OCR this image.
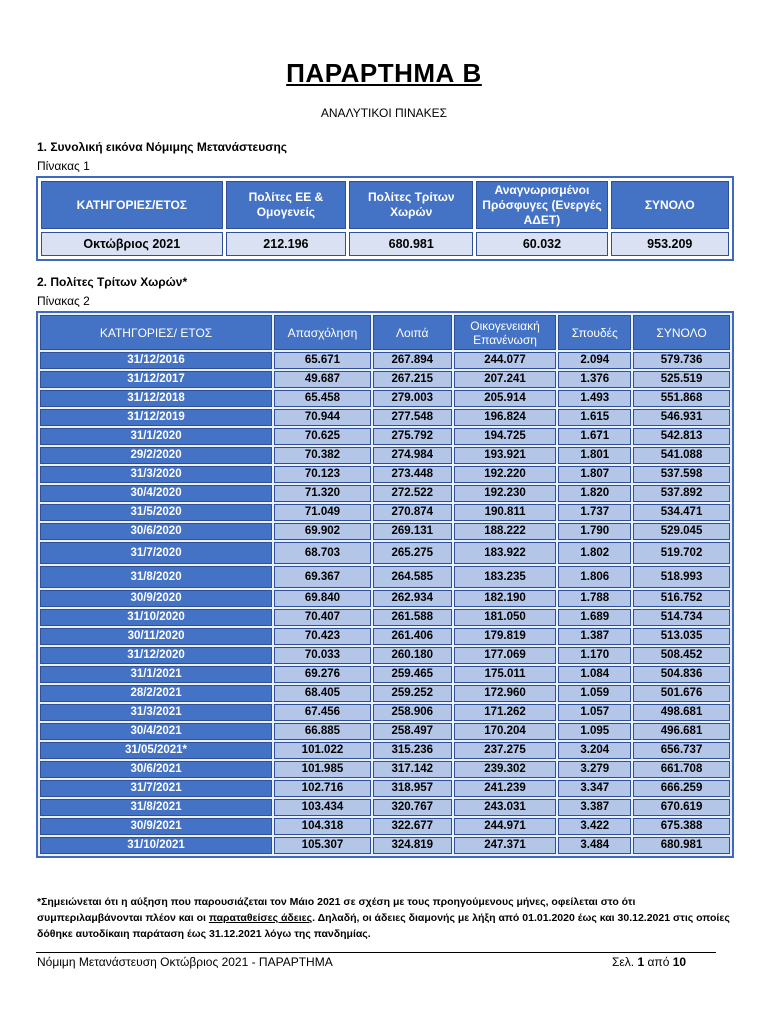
ΠΑΡΑΡΤΗΜΑ Β
ΑΝΑΛΥΤΙΚΟΙ ΠΙΝΑΚΕΣ
1. Συνολική εικόνα Νόμιμης Μετανάστευσης
Πίνακας 1
ΚΑΤΗΓΟΡΙΕΣ/ΕΤΟΣ	Πολίτες ΕΕ & Ομογενείς	Πολίτες Τρίτων Χωρών	Αναγνωρισμένοι Πρόσφυγες (Ενεργές ΑΔΕΤ)	ΣΥΝΟΛΟ
Οκτώβριος 2021	212.196	680.981	60.032	953.209
2. Πολίτες Τρίτων Χωρών*
Πίνακας 2
ΚΑΤΗΓΟΡΙΕΣ/ ΕΤΟΣ	Απασχόληση	Λοιπά	Οικογενειακή Επανένωση	Σπουδές	ΣΥΝΟΛΟ
31/12/2016	65.671	267.894	244.077	2.094	579.736
31/12/2017	49.687	267.215	207.241	1.376	525.519
31/12/2018	65.458	279.003	205.914	1.493	551.868
31/12/2019	70.944	277.548	196.824	1.615	546.931
31/1/2020	70.625	275.792	194.725	1.671	542.813
29/2/2020	70.382	274.984	193.921	1.801	541.088
31/3/2020	70.123	273.448	192.220	1.807	537.598
30/4/2020	71.320	272.522	192.230	1.820	537.892
31/5/2020	71.049	270.874	190.811	1.737	534.471
30/6/2020	69.902	269.131	188.222	1.790	529.045
31/7/2020	68.703	265.275	183.922	1.802	519.702
31/8/2020	69.367	264.585	183.235	1.806	518.993
30/9/2020	69.840	262.934	182.190	1.788	516.752
31/10/2020	70.407	261.588	181.050	1.689	514.734
30/11/2020	70.423	261.406	179.819	1.387	513.035
31/12/2020	70.033	260.180	177.069	1.170	508.452
31/1/2021	69.276	259.465	175.011	1.084	504.836
28/2/2021	68.405	259.252	172.960	1.059	501.676
31/3/2021	67.456	258.906	171.262	1.057	498.681
30/4/2021	66.885	258.497	170.204	1.095	496.681
31/05/2021*	101.022	315.236	237.275	3.204	656.737
30/6/2021	101.985	317.142	239.302	3.279	661.708
31/7/2021	102.716	318.957	241.239	3.347	666.259
31/8/2021	103.434	320.767	243.031	3.387	670.619
30/9/2021	104.318	322.677	244.971	3.422	675.388
31/10/2021	105.307	324.819	247.371	3.484	680.981
*Σημειώνεται ότι η αύξηση που παρουσιάζεται τον Μάιο 2021 σε σχέση με τους προηγούμενους μήνες, οφείλεται στο ότι συμπεριλαμβάνονται πλέον και οι παραταθείσες άδειες. Δηλαδή, οι άδειες διαμονής με λήξη από 01.01.2020 έως και 30.12.2021 στις οποίες δόθηκε αυτοδίκαιη παράταση έως 31.12.2021 λόγω της πανδημίας.
Νόμιμη Μετανάστευση Οκτώβριος 2021 - ΠΑΡΑΡΤΗΜΑ	Σελ. 1 από 10
